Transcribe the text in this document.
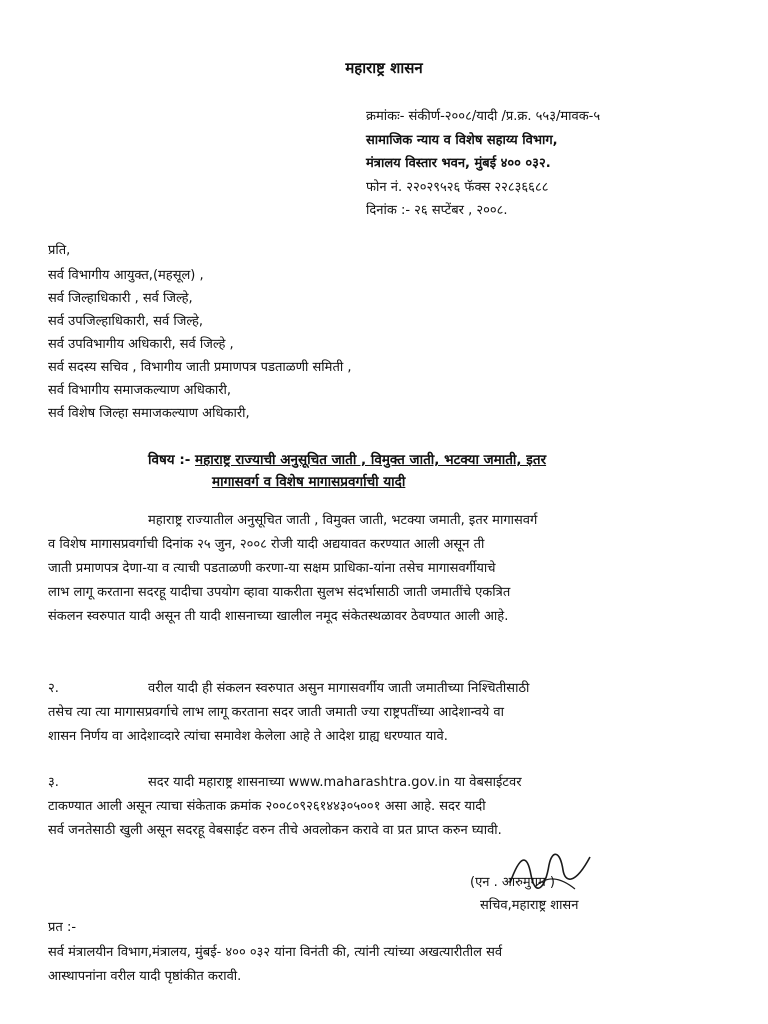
महाराष्ट्र शासन
क्रमांकः- संकीर्ण-२००८/यादी /प्र.क्र. ५५३/मावक-५
सामाजिक न्याय व विशेष सहाय्य विभाग,
मंत्रालय विस्तार भवन, मुंबई ४०० ०३२.
फोन नं. २२०२९५२६ फॅक्स २२८३६६८८
दिनांक :- २६ सप्टेंबर , २००८.
प्रति,
सर्व विभागीय आयुक्त,(महसूल) ,
सर्व जिल्हाधिकारी , सर्व जिल्हे,
सर्व उपजिल्हाधिकारी, सर्व जिल्हे,
सर्व उपविभागीय अधिकारी, सर्व जिल्हे ,
सर्व सदस्य सचिव , विभागीय जाती प्रमाणपत्र पडताळणी समिती ,
सर्व विभागीय समाजकल्याण अधिकारी,
सर्व विशेष जिल्हा समाजकल्याण अधिकारी,
विषय :- महाराष्ट्र राज्याची अनुसूचित जाती , विमुक्त जाती, भटक्या जमाती, इतर
मागासवर्ग व विशेष मागासप्रवर्गाची यादी
महाराष्ट्र राज्यातील अनुसूचित जाती , विमुक्त जाती, भटक्या जमाती, इतर मागासवर्ग
व विशेष मागासप्रवर्गाची दिनांक २५ जुन, २००८ रोजी यादी अद्ययावत करण्यात आली असून ती
जाती प्रमाणपत्र देणा-या व त्याची पडताळणी करणा-या सक्षम प्राधिका-यांना तसेच मागासवर्गीयाचे
लाभ लागू करताना सदरहू यादीचा उपयोग व्हावा याकरीता सुलभ संदर्भासाठी जाती जमातींचे एकत्रित
संकलन स्वरुपात यादी असून ती यादी शासनाच्या खालील नमूद संकेतस्थळावर ठेवण्यात आली आहे.
२.	वरील यादी ही संकलन स्वरुपात असुन मागासवर्गीय जाती जमातीच्या निश्चितीसाठी
तसेच त्या त्या मागासप्रवर्गाचे लाभ लागू करताना सदर जाती जमाती ज्या राष्ट्रपतींच्या आदेशान्वये वा
शासन निर्णय वा आदेशाव्दारे त्यांचा समावेश केलेला आहे ते आदेश ग्राह्य धरण्यात यावे.
३.	सदर यादी महाराष्ट्र शासनाच्या www.maharashtra.gov.in या वेबसाईटवर
टाकण्यात आली असून त्याचा संकेताक क्रमांक २००८०९२६१४४३०५००१ असा आहे. सदर यादी
सर्व जनतेसाठी खुली असून सदरहू वेबसाईट वरुन तीचे अवलोकन करावे वा प्रत प्राप्त करुन घ्यावी.
(एन . आरुमुगम )
सचिव,महाराष्ट्र शासन
प्रत :-
सर्व मंत्रालयीन विभाग,मंत्रालय, मुंबई- ४०० ०३२ यांना विनंती की, त्यांनी त्यांच्या अखत्यारीतील सर्व
आस्थापनांना वरील यादी पृष्ठांकीत करावी.
